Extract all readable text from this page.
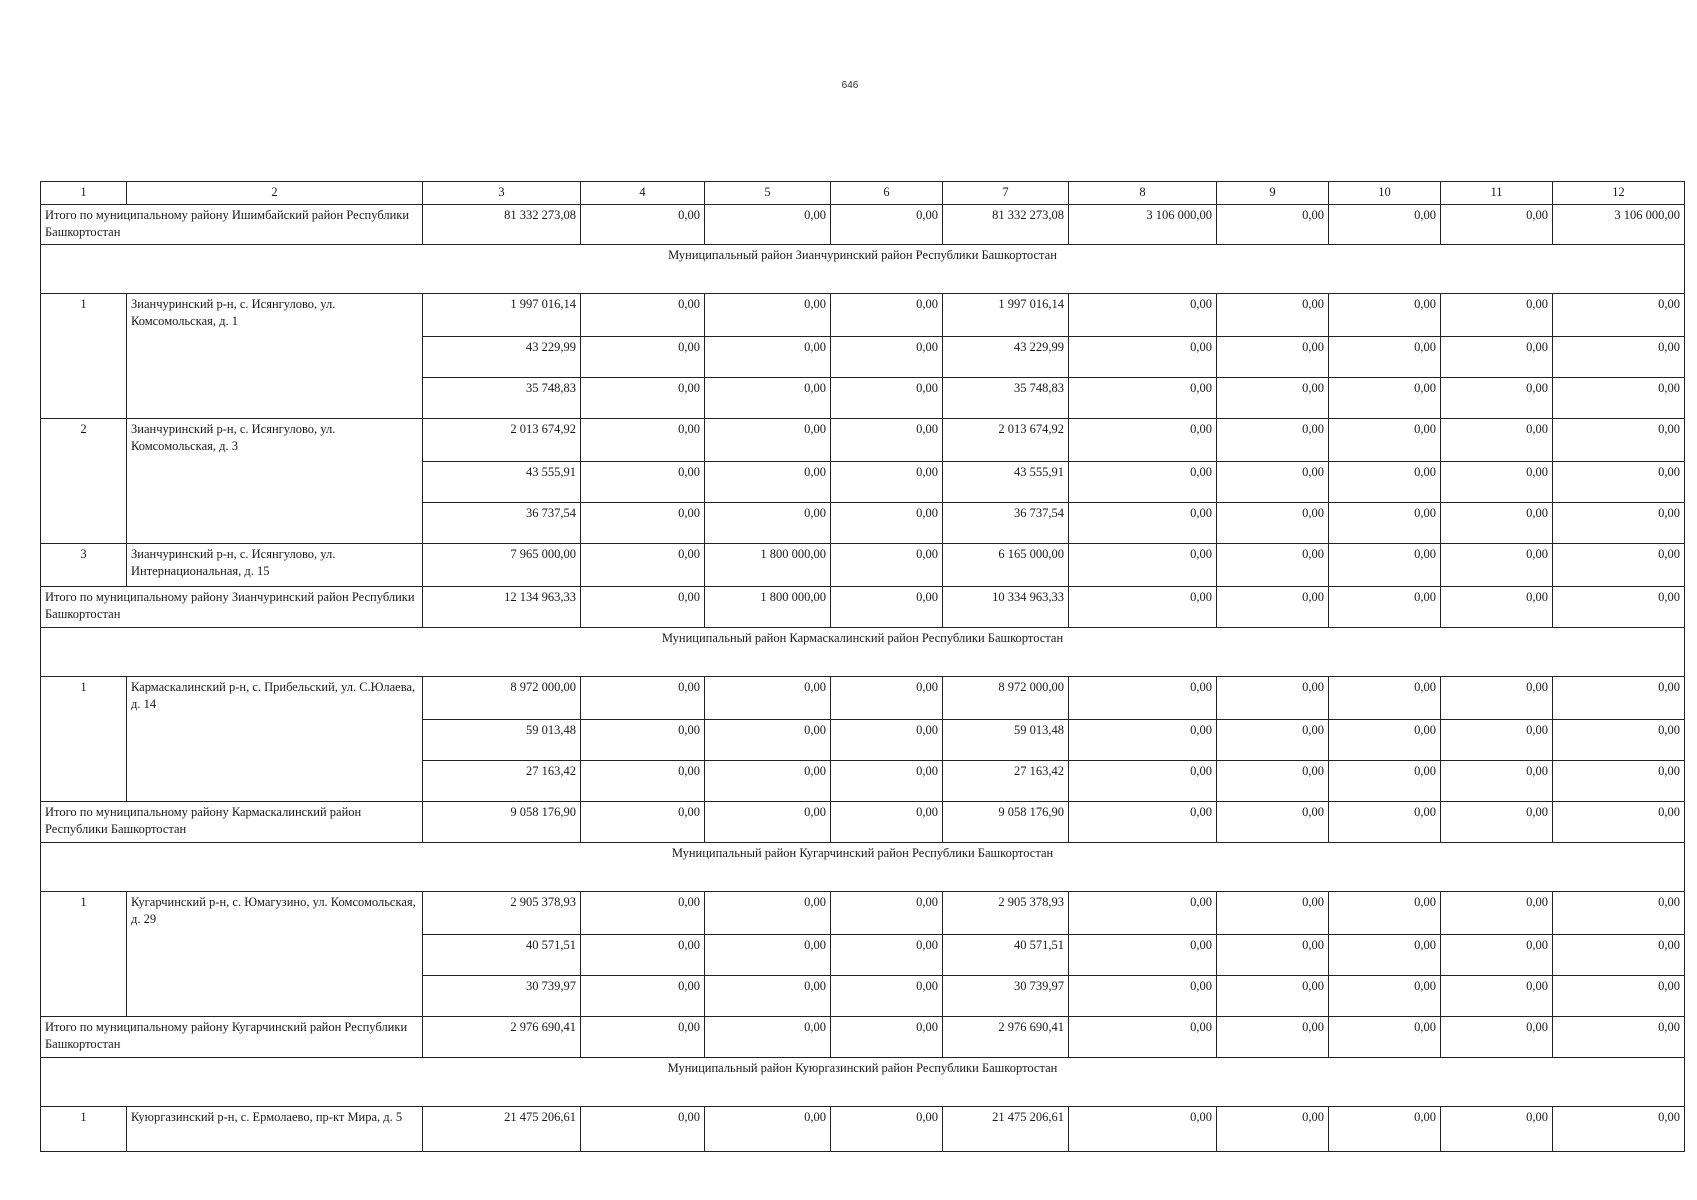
646
1	2	3	4	5	6	7	8	9	10	11	12
Итого по муниципальному району Ишимбайский район Республики Башкортостан		81 332 273,08	0,00	0,00	0,00	81 332 273,08	3 106 000,00	0,00	0,00	0,00	3 106 000,00
Муниципальный район Зианчуринский район Республики Башкортостан											
1	Зианчуринский р-н, с. Исянгулово, ул. Комсомольская, д. 1	1 997 016,14	0,00	0,00	0,00	1 997 016,14	0,00	0,00	0,00	0,00	0,00
		43 229,99	0,00	0,00	0,00	43 229,99	0,00	0,00	0,00	0,00	0,00
		35 748,83	0,00	0,00	0,00	35 748,83	0,00	0,00	0,00	0,00	0,00
2	Зианчуринский р-н, с. Исянгулово, ул. Комсомольская, д. 3	2 013 674,92	0,00	0,00	0,00	2 013 674,92	0,00	0,00	0,00	0,00	0,00
		43 555,91	0,00	0,00	0,00	43 555,91	0,00	0,00	0,00	0,00	0,00
		36 737,54	0,00	0,00	0,00	36 737,54	0,00	0,00	0,00	0,00	0,00
3	Зианчуринский р-н, с. Исянгулово, ул. Интернациональная, д. 15	7 965 000,00	0,00	1 800 000,00	0,00	6 165 000,00	0,00	0,00	0,00	0,00	0,00
Итого по муниципальному району Зианчуринский район Республики Башкортостан		12 134 963,33	0,00	1 800 000,00	0,00	10 334 963,33	0,00	0,00	0,00	0,00	0,00
Муниципальный район Кармаскалинский район Республики Башкортостан											
1	Кармаскалинский р-н, с. Прибельский, ул. С.Юлаева, д. 14	8 972 000,00	0,00	0,00	0,00	8 972 000,00	0,00	0,00	0,00	0,00	0,00
		59 013,48	0,00	0,00	0,00	59 013,48	0,00	0,00	0,00	0,00	0,00
		27 163,42	0,00	0,00	0,00	27 163,42	0,00	0,00	0,00	0,00	0,00
Итого по муниципальному району Кармаскалинский район Республики Башкортостан		9 058 176,90	0,00	0,00	0,00	9 058 176,90	0,00	0,00	0,00	0,00	0,00
Муниципальный район Кугарчинский район Республики Башкортостан											
1	Кугарчинский р-н, с. Юмагузино, ул. Комсомольская, д. 29	2 905 378,93	0,00	0,00	0,00	2 905 378,93	0,00	0,00	0,00	0,00	0,00
		40 571,51	0,00	0,00	0,00	40 571,51	0,00	0,00	0,00	0,00	0,00
		30 739,97	0,00	0,00	0,00	30 739,97	0,00	0,00	0,00	0,00	0,00
Итого по муниципальному району Кугарчинский район Республики Башкортостан		2 976 690,41	0,00	0,00	0,00	2 976 690,41	0,00	0,00	0,00	0,00	0,00
Муниципальный район Куюргазинский район Республики Башкортостан											
1	Куюргазинский р-н, с. Ермолаево, пр-кт Мира, д. 5	21 475 206,61	0,00	0,00	0,00	21 475 206,61	0,00	0,00	0,00	0,00	0,00
